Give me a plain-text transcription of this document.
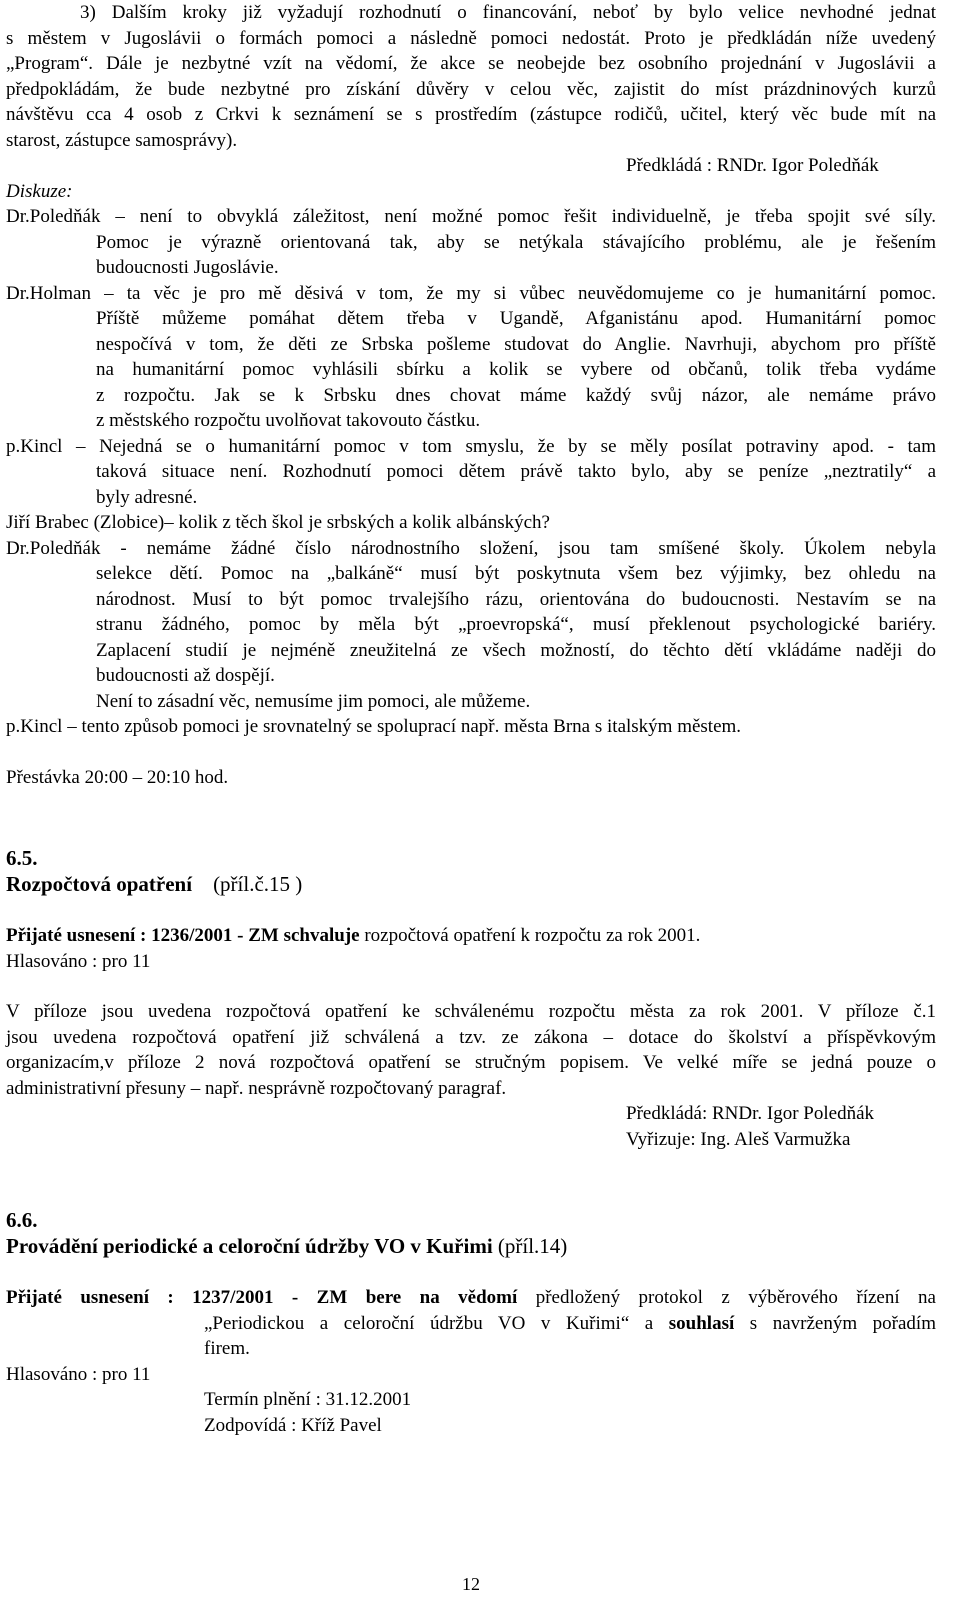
3) Dalším kroky již vyžadují rozhodnutí o financování, neboť by bylo velice nevhodné jednat

s městem v Jugoslávii o formách pomoci a následně pomoci nedostát. Proto je předkládán níže uvedený

„Program“. Dále je nezbytné vzít na vědomí, že akce se neobejde bez osobního projednání v Jugoslávii a

předpokládám, že bude nezbytné pro získání důvěry v celou věc, zajistit do míst prázdninových kurzů

návštěvu cca 4 osob z Crkvi k seznámení se s prostředím (zástupce rodičů, učitel, který věc bude mít na

starost, zástupce samosprávy).

Předkládá : RNDr. Igor Poledňák

Diskuze:

Dr.Poledňák – není to obvyklá záležitost, není možné pomoc řešit individuelně, je třeba spojit své síly.

Pomoc je výrazně orientovaná tak, aby se netýkala stávajícího problému, ale je řešením

budoucnosti Jugoslávie.

Dr.Holman – ta věc je pro mě děsivá v tom, že my si vůbec neuvědomujeme co je humanitární pomoc.

Příště můžeme pomáhat dětem třeba v Ugandě, Afganistánu apod. Humanitární pomoc

nespočívá v tom, že děti ze Srbska pošleme studovat do Anglie. Navrhuji, abychom pro příště

na humanitární pomoc vyhlásili sbírku a kolik se vybere od občanů, tolik třeba vydáme

z rozpočtu. Jak se k Srbsku dnes chovat máme každý svůj názor, ale nemáme právo

z městského rozpočtu uvolňovat takovouto částku.

p.Kincl – Nejedná se o humanitární pomoc v tom smyslu, že by se měly posílat potraviny apod. - tam

taková situace není. Rozhodnutí pomoci dětem právě takto bylo, aby se peníze „neztratily“ a

byly adresné.

Jiří Brabec (Zlobice)– kolik z těch škol je srbských a kolik albánských?

Dr.Poledňák - nemáme žádné číslo národnostního složení, jsou tam smíšené školy. Úkolem nebyla

selekce dětí. Pomoc na „balkáně“ musí být poskytnuta všem bez výjimky, bez ohledu na

národnost. Musí to být pomoc trvalejšího rázu, orientována do budoucnosti. Nestavím se na

stranu žádného, pomoc by měla být „proevropská“, musí překlenout psychologické bariéry.

Zaplacení studií je nejméně zneužitelná ze všech možností, do těchto dětí vkládáme naději do

budoucnosti až dospějí.

Není to zásadní věc, nemusíme jim pomoci, ale můžeme.

p.Kincl – tento způsob pomoci je srovnatelný se spoluprací např. města Brna s italským městem.

Přestávka 20:00 – 20:10 hod.

6.5.

Rozpočtová opatření (příl.č.15 )

Přijaté usnesení : 1236/2001 - ZM schvaluje rozpočtová opatření k rozpočtu za rok 2001.

Hlasováno : pro 11

V příloze jsou uvedena rozpočtová opatření ke schválenému rozpočtu města za rok 2001. V příloze č.1

jsou uvedena rozpočtová opatření již schválená a tzv. ze zákona – dotace do školství a příspěvkovým

organizacím,v příloze 2 nová rozpočtová opatření se stručným popisem. Ve velké míře se jedná pouze o

administrativní přesuny – např. nesprávně rozpočtovaný paragraf.

Předkládá: RNDr. Igor Poledňák

Vyřizuje: Ing. Aleš Varmužka

6.6.

Provádění periodické a celoroční údržby VO v Kuřimi (příl.14)

Přijaté usnesení : 1237/2001 - ZM bere na vědomí předložený protokol z výběrového řízení na

„Periodickou a celoroční údržbu VO v Kuřimi“ a souhlasí s navrženým pořadím

firem.

Hlasováno : pro 11

Termín plnění : 31.12.2001

Zodpovídá : Kříž Pavel

12
